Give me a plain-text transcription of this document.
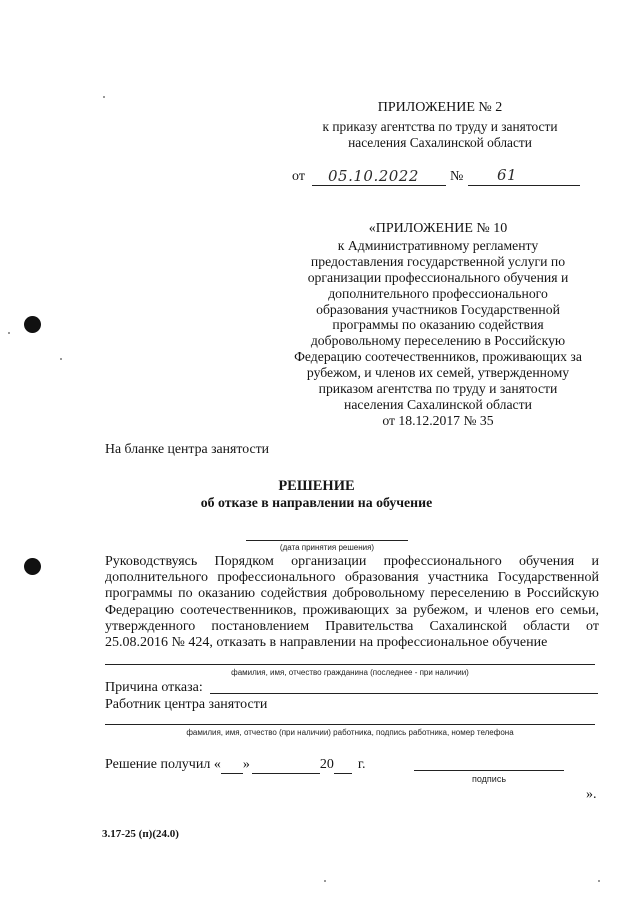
ПРИЛОЖЕНИЕ № 2
к приказу агентства по труду и занятости
населения Сахалинской области
от 05.10.2022 № 61
«ПРИЛОЖЕНИЕ № 10
к Административному регламенту
предоставления государственной услуги по
организации профессионального обучения и
дополнительного профессионального
образования участников Государственной
программы по оказанию содействия
добровольному переселению в Российскую
Федерацию соотечественников, проживающих за
рубежом, и членов их семей, утвержденному
приказом агентства по труду и занятости
населения Сахалинской области
от 18.12.2017 № 35
На бланке центра занятости
РЕШЕНИЕ
об отказе в направлении на обучение
(дата принятия решения)
Руководствуясь Порядком организации профессионального обучения и дополнительного профессионального образования участника Государственной программы по оказанию содействия добровольному переселению в Российскую Федерацию соотечественников, проживающих за рубежом, и членов его семьи, утвержденного постановлением Правительства Сахалинской области от 25.08.2016 № 424, отказать в направлении на профессиональное обучение
фамилия, имя, отчество гражданина (последнее - при наличии)
Причина отказа:
Работник центра занятости
фамилия, имя, отчество (при наличии) работника, подпись работника, номер телефона
Решение получил « »	20 г.
подпись
».
3.17-25 (п)(24.0)
